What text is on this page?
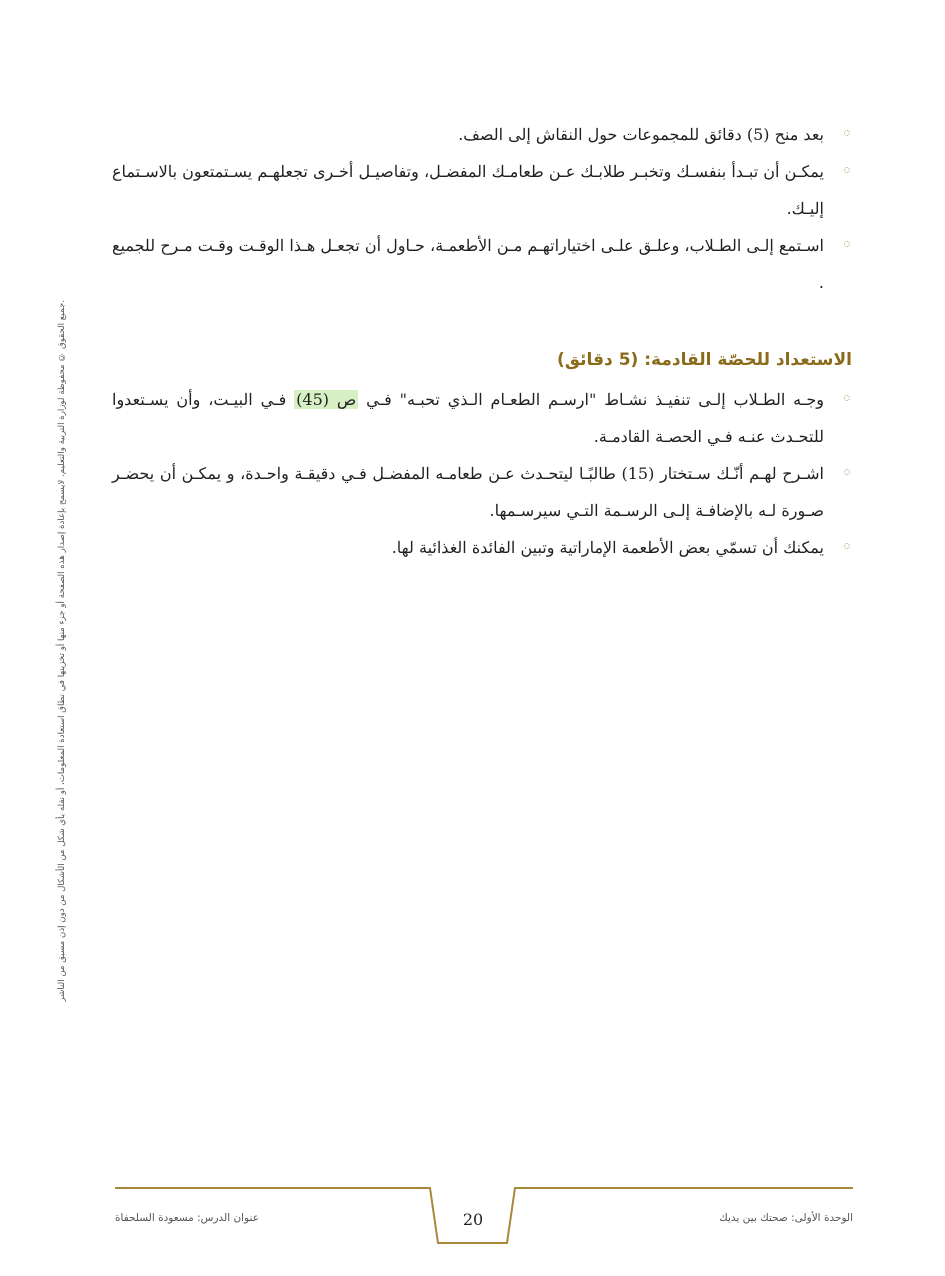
جميع الحقوق © محفوظة لوزارة التربية والتعليم. لايسمح بإعادة إصدار هذه الصفحة أو جزء منها أو تخزينها في نطاق استعادة المعلومات، أو نقله بأي شكل من الأشكال من دون إذن مسبق من الناشر.
بعد منح (5) دقائق للمجموعات حول النقاش إلى الصف.
يمكـن أن تبـدأ بنفسـك وتخبـر طلابـك عـن طعامـك المفضـل، وتفاصيـل أخـرى تجعلهـم يسـتمتعون بالاسـتماع إليـك.
اسـتمع إلـى الطـلاب، وعلـق علـى اختياراتهـم مـن الأطعمـة، حـاول أن تجعـل هـذا الوقـت وقـت مـرح للجميع .
الاستعداد للحصّة القادمة: (5 دقائق)
وجـه الطـلاب إلـى تنفيـذ نشـاط "ارسـم الطعـام الـذي تحبـه" فـي ص (45) فـي البيـت، وأن يسـتعدوا للتحـدث عنـه فـي الحصـة القادمـة.
اشـرح لهـم أنّـك سـتختار (15) طالبًـا ليتحـدث عـن طعامـه المفضـل فـي دقيقـة واحـدة، و يمكـن أن يحضـر صـورة لـه بالإضافـة إلـى الرسـمة التـي سيرسـمها.
يمكنك أن تسمّي بعض الأطعمة الإماراتية وتبين الفائدة الغذائية لها.
عنوان الدرس: مسعودة السلحفاة	20	الوحدة الأولى: صحتك بين يديك
